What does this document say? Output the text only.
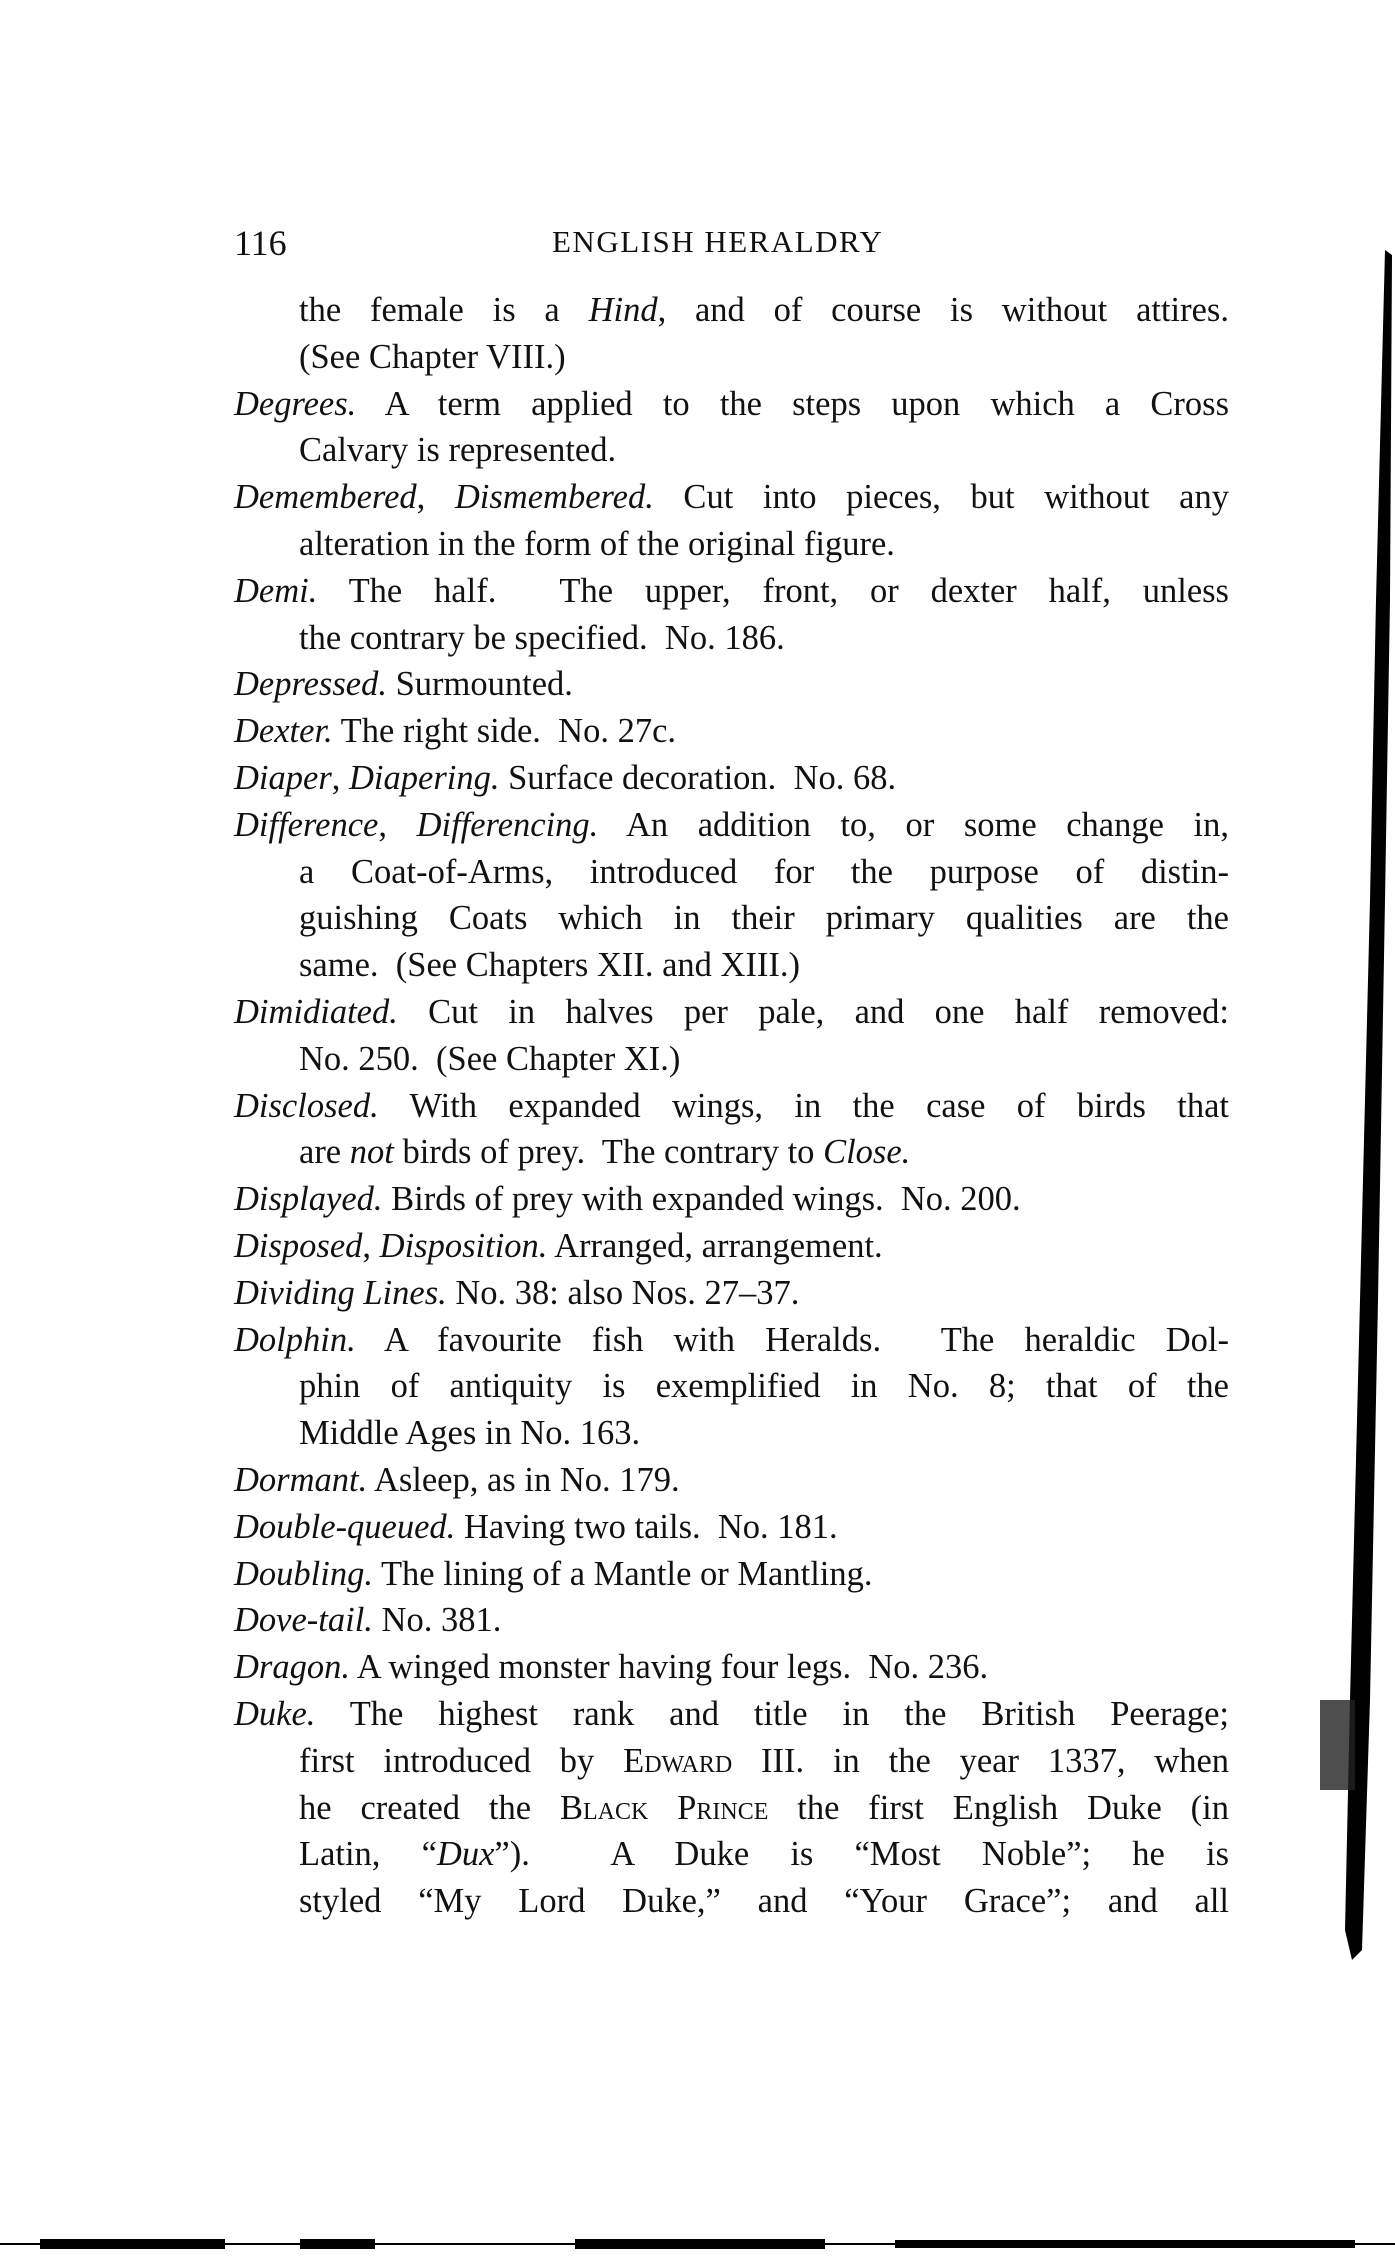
116	ENGLISH HERALDRY
the female is a Hind, and of course is without attires.
(See Chapter VIII.)
Degrees. A term applied to the steps upon which a Cross
Calvary is represented.
Demembered, Dismembered. Cut into pieces, but without any
alteration in the form of the original figure.
Demi. The half.  The upper, front, or dexter half, unless
the contrary be specified.  No. 186.
Depressed. Surmounted.
Dexter. The right side.  No. 27c.
Diaper, Diapering. Surface decoration.  No. 68.
Difference, Differencing. An addition to, or some change in,
a Coat-of-Arms, introduced for the purpose of distin-
guishing Coats which in their primary qualities are the
same.  (See Chapters XII. and XIII.)
Dimidiated. Cut in halves per pale, and one half removed:
No. 250.  (See Chapter XI.)
Disclosed. With expanded wings, in the case of birds that
are not birds of prey.  The contrary to Close.
Displayed. Birds of prey with expanded wings.  No. 200.
Disposed, Disposition. Arranged, arrangement.
Dividing Lines. No. 38: also Nos. 27–37.
Dolphin. A favourite fish with Heralds.  The heraldic Dol-
phin of antiquity is exemplified in No. 8; that of the
Middle Ages in No. 163.
Dormant. Asleep, as in No. 179.
Double-queued. Having two tails.  No. 181.
Doubling. The lining of a Mantle or Mantling.
Dove-tail. No. 381.
Dragon. A winged monster having four legs.  No. 236.
Duke. The highest rank and title in the British Peerage;
first introduced by Edward III. in the year 1337, when
he created the Black Prince the first English Duke (in
Latin, “Dux”).  A Duke is “Most Noble”; he is
styled “My Lord Duke,” and “Your Grace”; and all
